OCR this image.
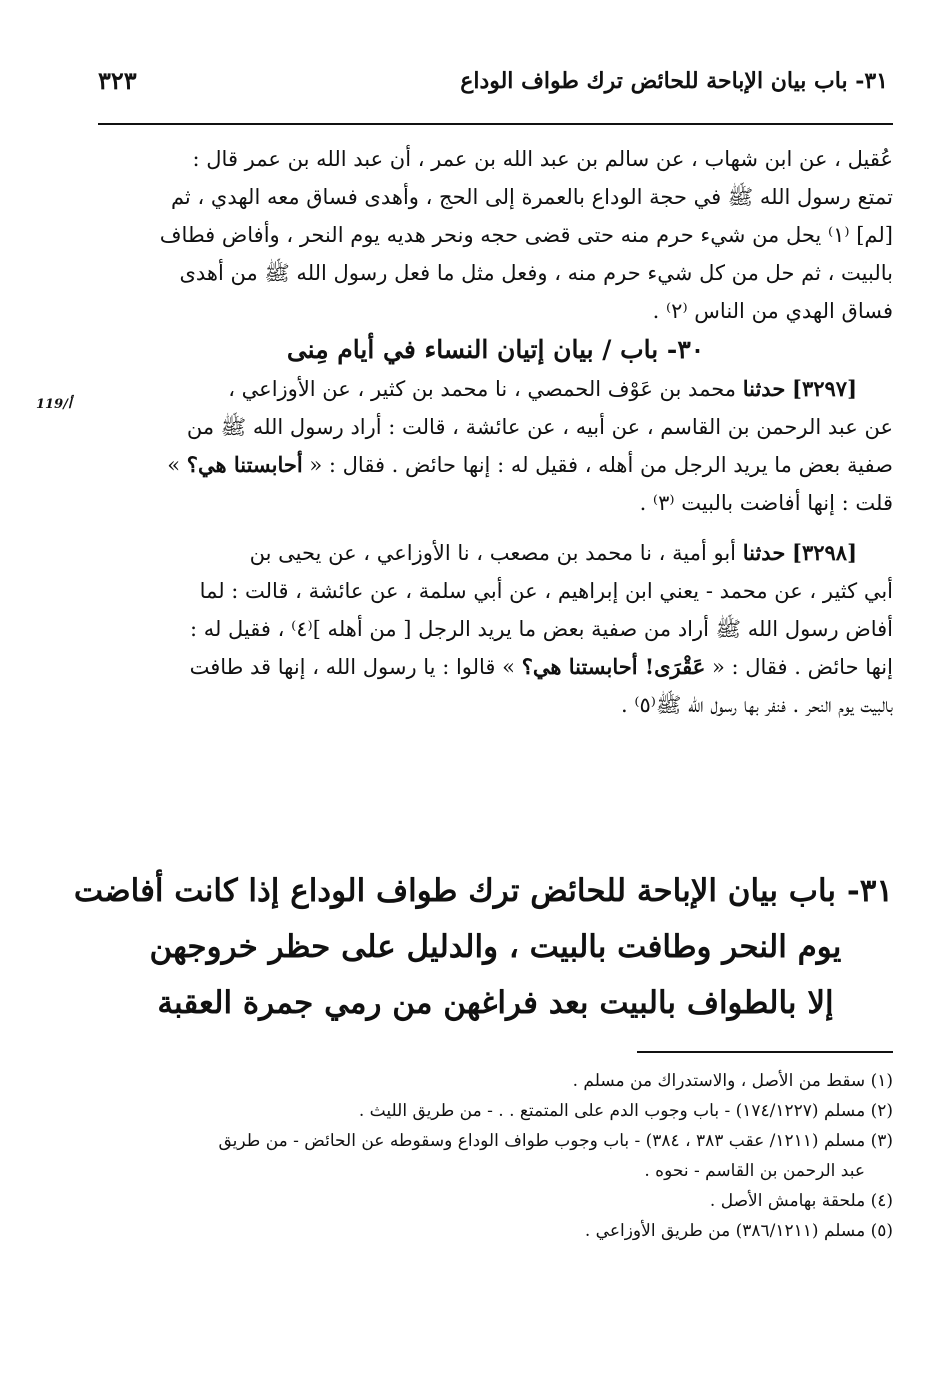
٣١- باب بيان الإباحة للحائض ترك طواف الوداع
٣٢٣
119/أ

عُقيل ، عن ابن شهاب ، عن سالم بن عبد الله بن عمر ، أن عبد الله بن عمر قال :

تمتع رسول الله ﷺ في حجة الوداع بالعمرة إلى الحج ، وأهدى فساق معه الهدي ، ثم

[لم] ⁽١⁾ يحل من شيء حرم منه حتى قضى حجه ونحر هديه يوم النحر ، وأفاض فطاف

بالبيت ، ثم حل من كل شيء حرم منه ، وفعل مثل ما فعل رسول الله ﷺ من أهدى

فساق الهدي من الناس ⁽٢⁾ .

٣٠- باب / بيان إتيان النساء في أيام مِنى

[٣٢٩٧] حدثنا محمد بن عَوْف الحمصي ، نا محمد بن كثير ، عن الأوزاعي ،

عن عبد الرحمن بن القاسم ، عن أبيه ، عن عائشة ، قالت : أراد رسول الله ﷺ من

صفية بعض ما يريد الرجل من أهله ، فقيل له : إنها حائض . فقال : « أحابستنا هي؟ »

قلت : إنها أفاضت بالبيت ⁽٣⁾ .

[٣٢٩٨] حدثنا أبو أمية ، نا محمد بن مصعب ، نا الأوزاعي ، عن يحيى بن

أبي كثير ، عن محمد - يعني ابن إبراهيم ، عن أبي سلمة ، عن عائشة ، قالت : لما

أفاض رسول الله ﷺ أراد من صفية بعض ما يريد الرجل [ من أهله ]⁽٤⁾ ، فقيل له :

إنها حائض . فقال : « عَقْرَى! أحابستنا هي؟ » قالوا : يا رسول الله ، إنها قد طافت

بالبيت يوم النحر . فنفر بها رسول الله ﷺ⁽٥⁾ .

٣١- باب بيان الإباحة للحائض ترك طواف الوداع إذا كانت أفاضت
يوم النحر وطافت بالبيت ، والدليل على حظر خروجهن
إلا بالطواف بالبيت بعد فراغهن من رمي جمرة العقبة
(١) سقط من الأصل ، والاستدراك من مسلم .
(٢) مسلم (١٧٤/١٢٢٧) - باب وجوب الدم على المتمتع . . - من طريق الليث .
(٣) مسلم (١٢١١/ عقب ٣٨٣ ، ٣٨٤) - باب وجوب طواف الوداع وسقوطه عن الحائض - من طريق
عبد الرحمن بن القاسم - نحوه .
(٤) ملحقة بهامش الأصل .
(٥) مسلم (٣٨٦/١٢١١) من طريق الأوزاعي .
